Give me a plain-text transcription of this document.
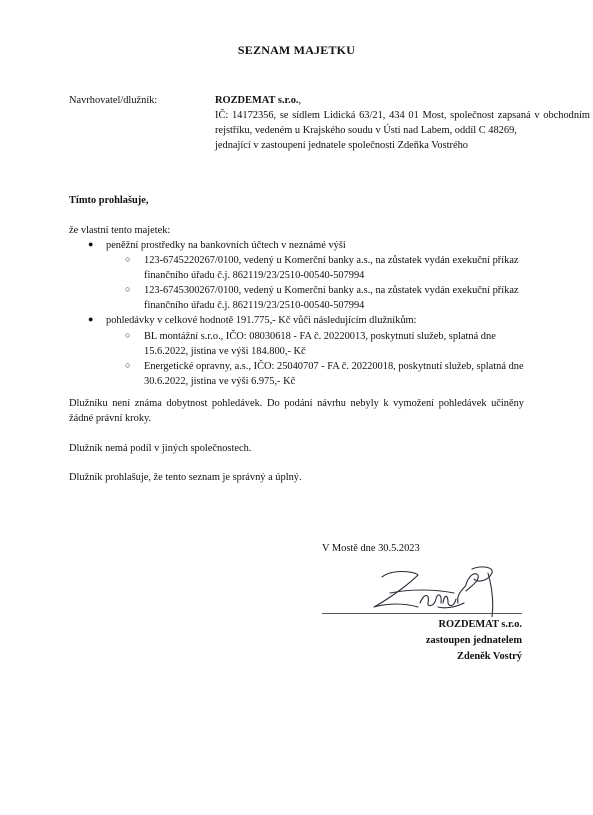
SEZNAM MAJETKU
Navrhovatel/dlužník:	ROZDEMAT s.r.o.,
IČ: 14172356, se sídlem Lidická 63/21, 434 01 Most, společnost zapsaná v obchodním rejstříku, vedeném u Krajského soudu v Ústí nad Labem, oddíl C 48269,
jednající v zastoupení jednatele společnosti Zdeňka Vostrého
Tímto prohlašuje,
že vlastní tento majetek:
● peněžní prostředky na bankovních účtech v neznámé výši
○ 123-6745220267/0100, vedený u Komerční banky a.s., na zůstatek vydán exekuční příkaz finančního úřadu č.j. 862119/23/2510-00540-507994
○ 123-6745300267/0100, vedený u Komerční banky a.s., na zůstatek vydán exekuční příkaz finančního úřadu č.j. 862119/23/2510-00540-507994
● pohledávky v celkové hodnotě 191.775,- Kč vůči následujícím dlužníkům:
○ BL montážní s.r.o., IČO: 08030618 - FA č. 20220013, poskytnutí služeb, splatná dne 15.6.2022, jistina ve výši 184.800,- Kč
○ Energetické opravny, a.s., IČO: 25040707 - FA č. 20220018, poskytnutí služeb, splatná dne 30.6.2022, jistina ve výši 6.975,- Kč
Dlužníku není známa dobytnost pohledávek. Do podání návrhu nebyly k vymožení pohledávek učiněny žádné právní kroky.
Dlužník nemá podíl v jiných společnostech.
Dlužník prohlašuje, že tento seznam je správný a úplný.
V Mostě dne 30.5.2023
ROZDEMAT s.r.o.
zastoupen jednatelem
Zdeněk Vostrý
